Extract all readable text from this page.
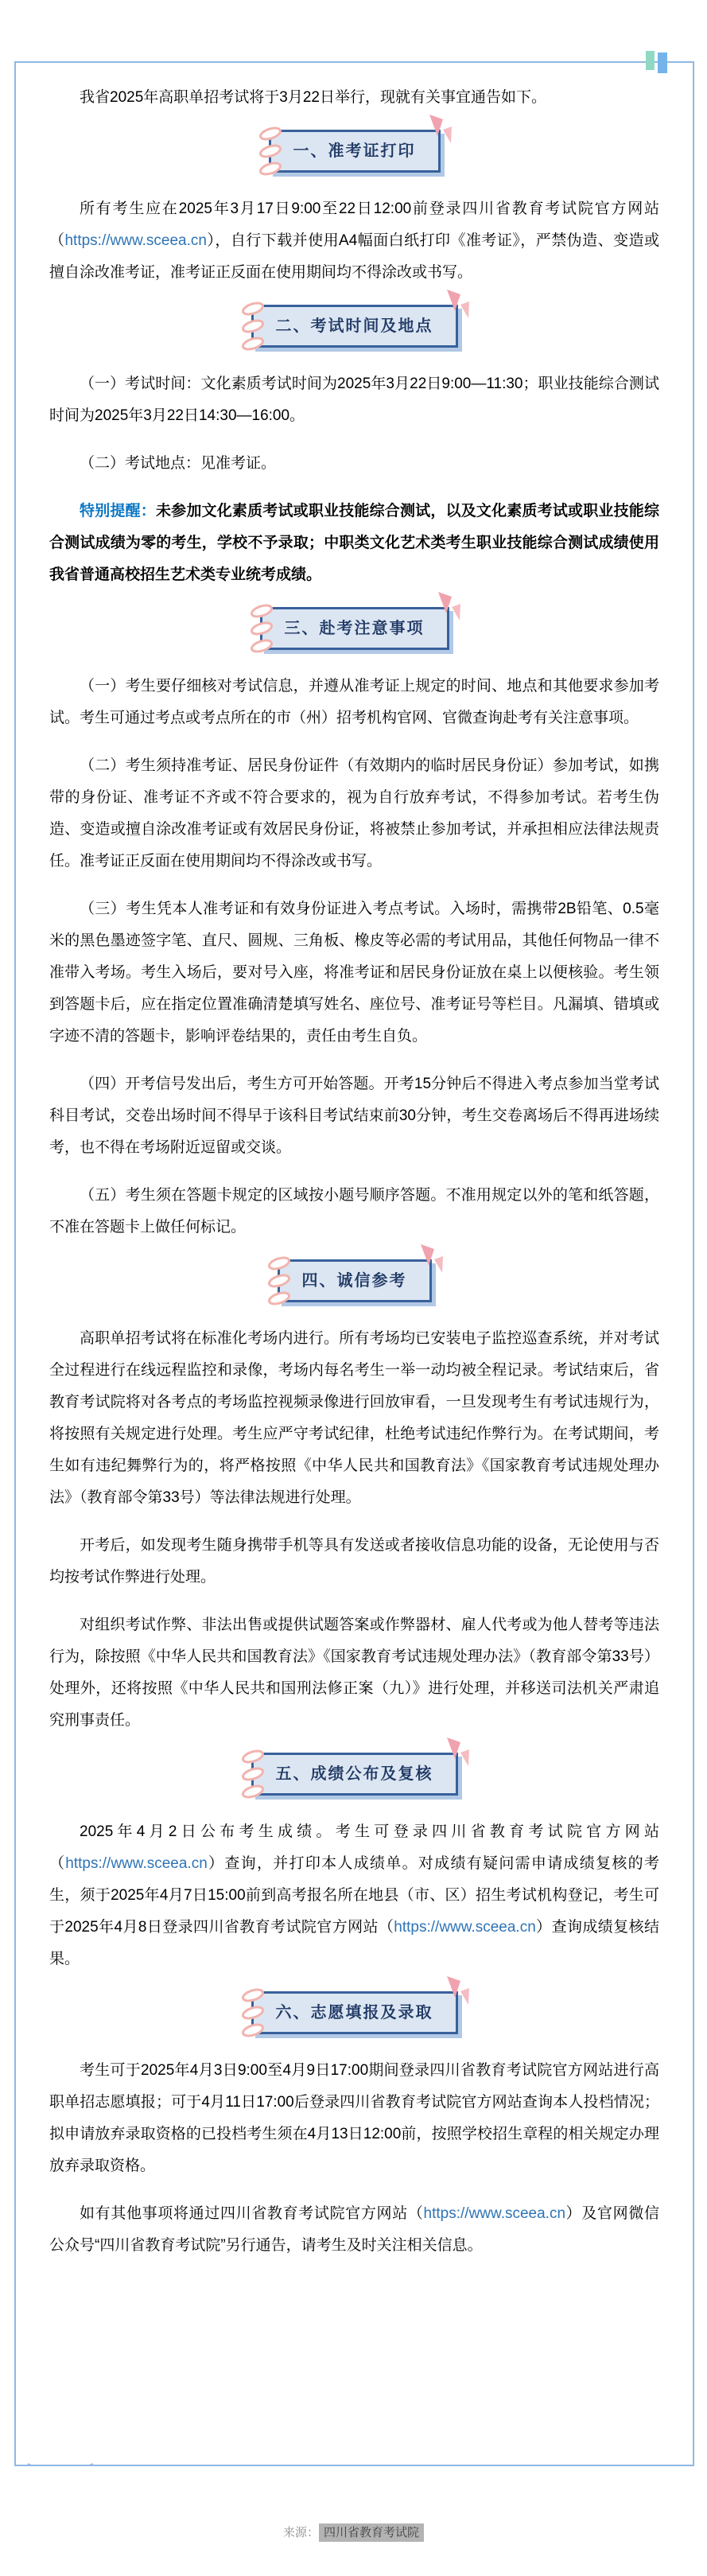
我省2025年高职单招考试将于3月22日举行，现就有关事宜通告如下。

一、准考证打印

所有考生应在2025年3月17日9:00至22日12:00前登录四川省教育考试院官方网站（https://www.sceea.cn），自行下载并使用A4幅面白纸打印《准考证》，严禁伪造、变造或擅自涂改准考证，准考证正反面在使用期间均不得涂改或书写。

二、考试时间及地点

（一）考试时间：文化素质考试时间为2025年3月22日9:00—11:30；职业技能综合测试时间为2025年3月22日14:30—16:00。

（二）考试地点：见准考证。

特别提醒：未参加文化素质考试或职业技能综合测试，以及文化素质考试或职业技能综合测试成绩为零的考生，学校不予录取；中职类文化艺术类考生职业技能综合测试成绩使用我省普通高校招生艺术类专业统考成绩。

三、赴考注意事项

（一）考生要仔细核对考试信息，并遵从准考证上规定的时间、地点和其他要求参加考试。考生可通过考点或考点所在的市（州）招考机构官网、官微查询赴考有关注意事项。

（二）考生须持准考证、居民身份证件（有效期内的临时居民身份证）参加考试，如携带的身份证、准考证不齐或不符合要求的，视为自行放弃考试，不得参加考试。若考生伪造、变造或擅自涂改准考证或有效居民身份证，将被禁止参加考试，并承担相应法律法规责任。准考证正反面在使用期间均不得涂改或书写。

（三）考生凭本人准考证和有效身份证进入考点考试。入场时，需携带2B铅笔、0.5毫米的黑色墨迹签字笔、直尺、圆规、三角板、橡皮等必需的考试用品，其他任何物品一律不准带入考场。考生入场后，要对号入座，将准考证和居民身份证放在桌上以便核验。考生领到答题卡后，应在指定位置准确清楚填写姓名、座位号、准考证号等栏目。凡漏填、错填或字迹不清的答题卡，影响评卷结果的，责任由考生自负。

（四）开考信号发出后，考生方可开始答题。开考15分钟后不得进入考点参加当堂考试科目考试，交卷出场时间不得早于该科目考试结束前30分钟，考生交卷离场后不得再进场续考，也不得在考场附近逗留或交谈。

（五）考生须在答题卡规定的区域按小题号顺序答题。不准用规定以外的笔和纸答题，不准在答题卡上做任何标记。

四、诚信参考

高职单招考试将在标准化考场内进行。所有考场均已安装电子监控巡查系统，并对考试全过程进行在线远程监控和录像，考场内每名考生一举一动均被全程记录。考试结束后，省教育考试院将对各考点的考场监控视频录像进行回放审看，一旦发现考生有考试违规行为，将按照有关规定进行处理。考生应严守考试纪律，杜绝考试违纪作弊行为。在考试期间，考生如有违纪舞弊行为的，将严格按照《中华人民共和国教育法》《国家教育考试违规处理办法》（教育部令第33号）等法律法规进行处理。

开考后，如发现考生随身携带手机等具有发送或者接收信息功能的设备，无论使用与否均按考试作弊进行处理。

对组织考试作弊、非法出售或提供试题答案或作弊器材、雇人代考或为他人替考等违法行为，除按照《中华人民共和国教育法》《国家教育考试违规处理办法》（教育部令第33号）处理外，还将按照《中华人民共和国刑法修正案（九）》进行处理，并移送司法机关严肃追究刑事责任。

五、成绩公布及复核

2025年4月2日公布考生成绩。考生可登录四川省教育考试院官方网站（https://www.sceea.cn）查询，并打印本人成绩单。对成绩有疑问需申请成绩复核的考生，须于2025年4月7日15:00前到高考报名所在地县（市、区）招生考试机构登记，考生可于2025年4月8日登录四川省教育考试院官方网站（https://www.sceea.cn）查询成绩复核结果。

六、志愿填报及录取

考生可于2025年4月3日9:00至4月9日17:00期间登录四川省教育考试院官方网站进行高职单招志愿填报；可于4月11日17:00后登录四川省教育考试院官方网站查询本人投档情况；拟申请放弃录取资格的已投档考生须在4月13日12:00前，按照学校招生章程的相关规定办理放弃录取资格。

如有其他事项将通过四川省教育考试院官方网站（https://www.sceea.cn）及官网微信公众号“四川省教育考试院”另行通告，请考生及时关注相关信息。

来源： 四川省教育考试院
